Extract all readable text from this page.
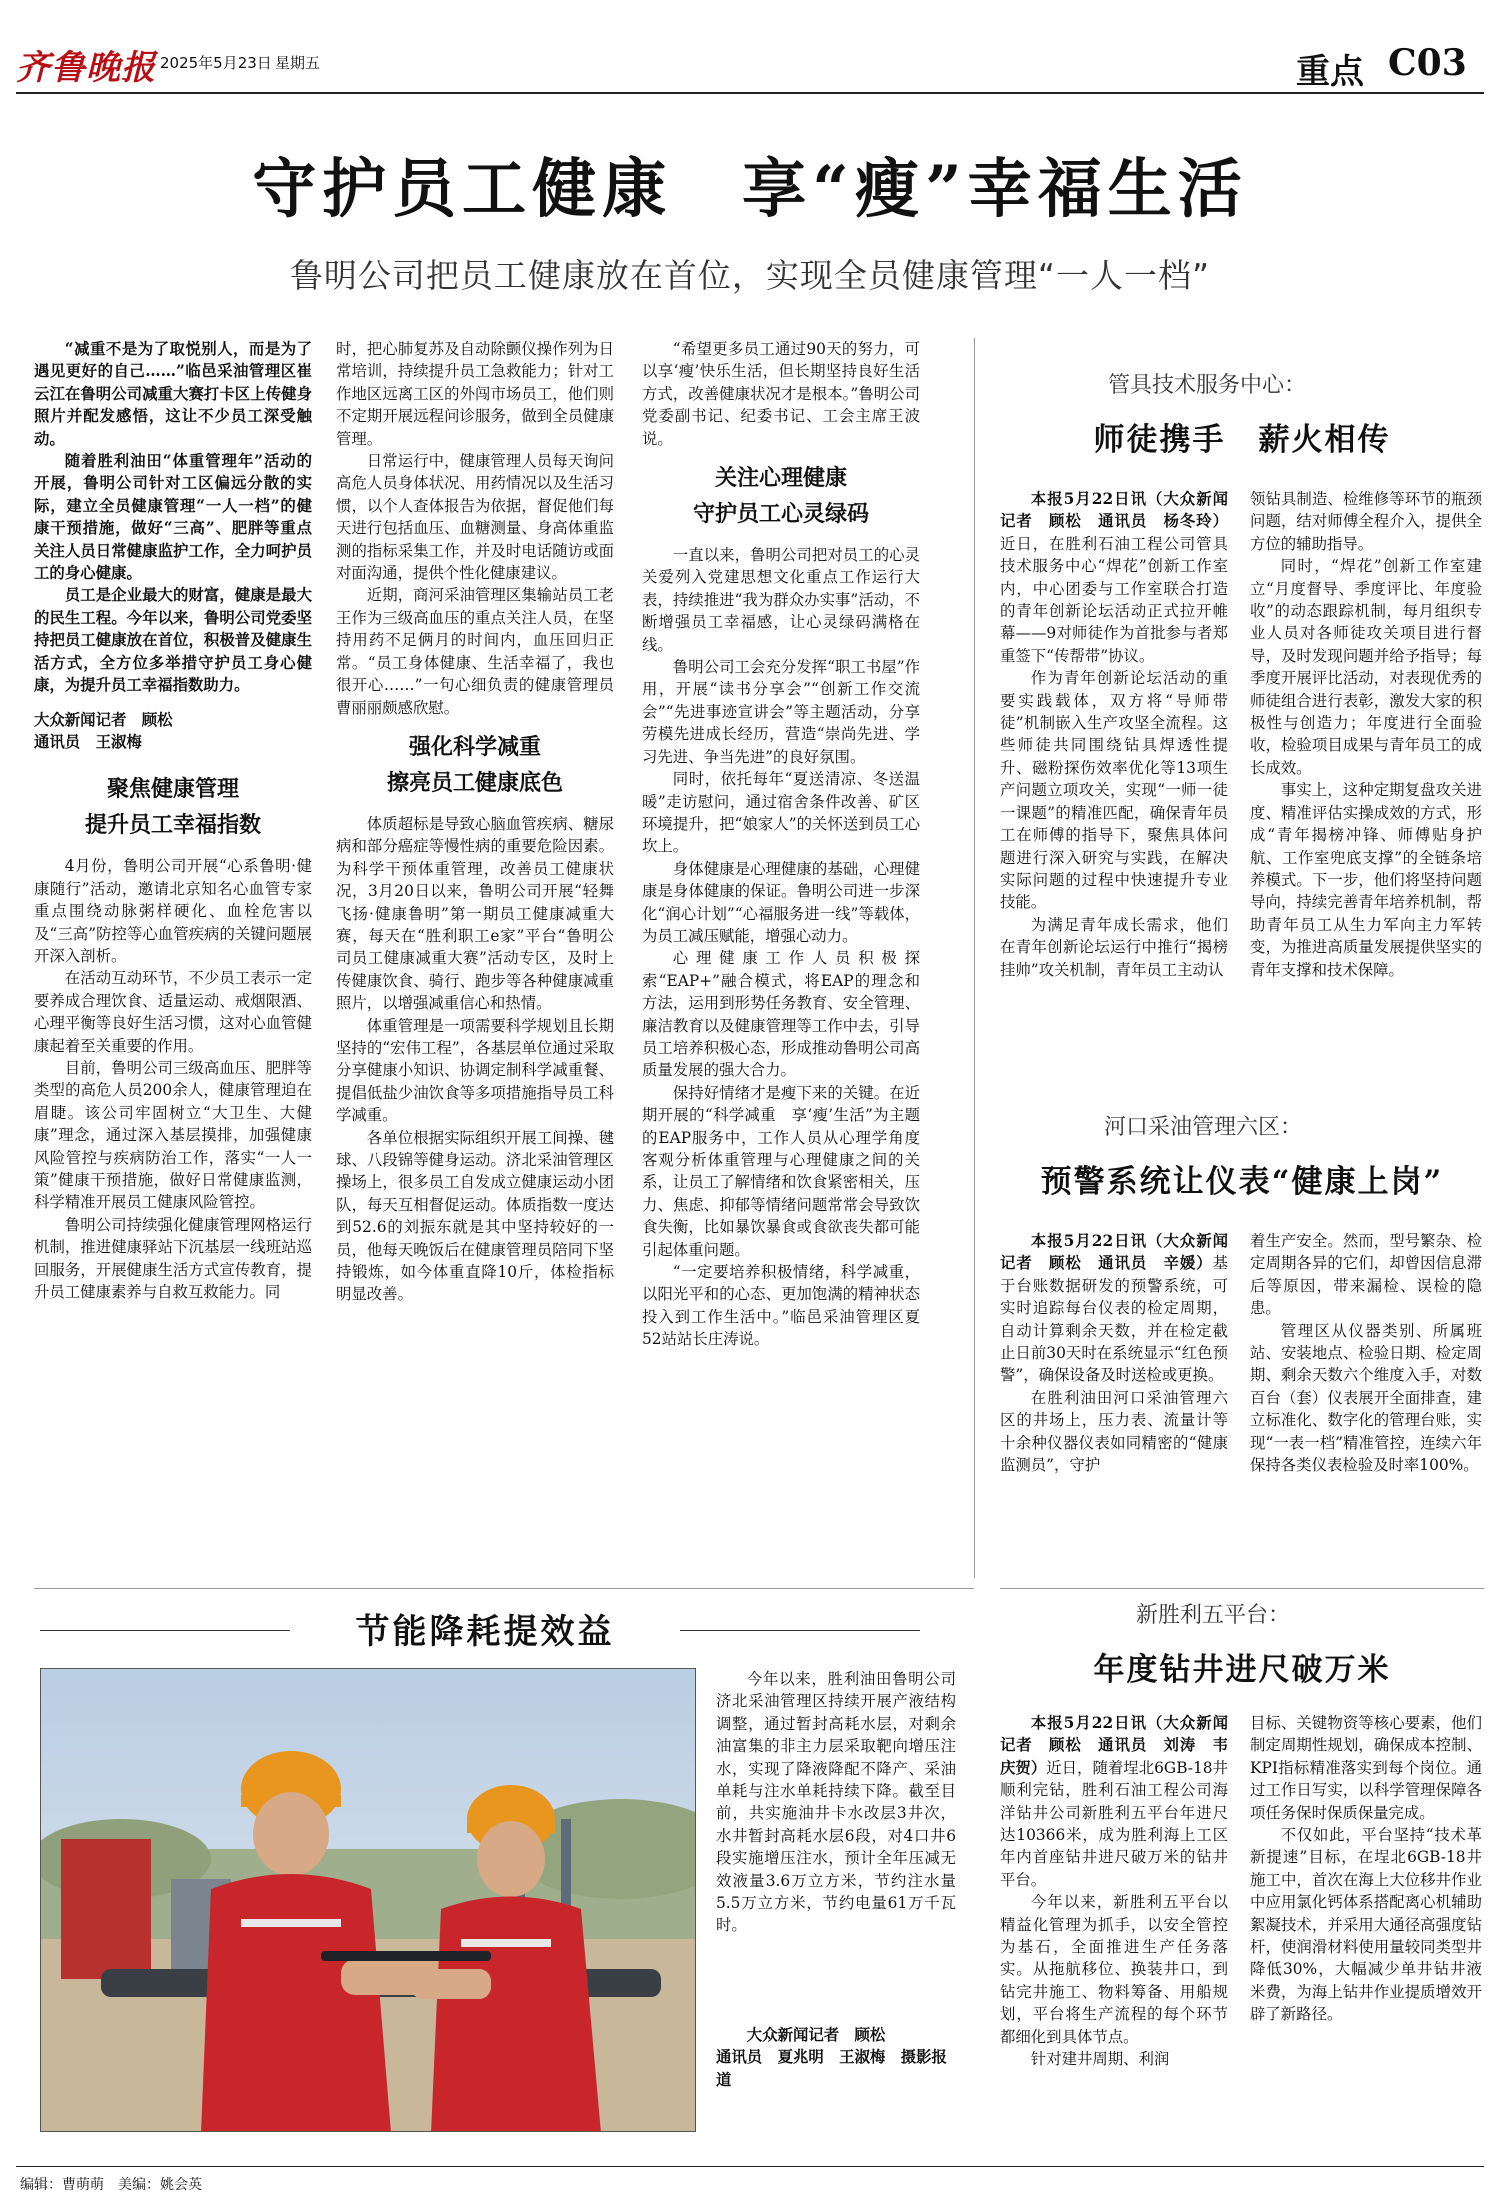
齐鲁晚报 2025年5月23日 星期五	重点 C03
守护员工健康　享“瘦”幸福生活
鲁明公司把员工健康放在首位，实现全员健康管理“一人一档”

“减重不是为了取悦别人，而是为了遇见更好的自己……”临邑采油管理区崔云江在鲁明公司减重大赛打卡区上传健身照片并配发感悟，这让不少员工深受触动。

随着胜利油田“体重管理年”活动的开展，鲁明公司针对工区偏远分散的实际，建立全员健康管理“一人一档”的健康干预措施，做好“三高”、肥胖等重点关注人员日常健康监护工作，全力呵护员工的身心健康。

员工是企业最大的财富，健康是最大的民生工程。今年以来，鲁明公司党委坚持把员工健康放在首位，积极普及健康生活方式，全方位多举措守护员工身心健康，为提升员工幸福指数助力。

大众新闻记者　顾松

通讯员　王淑梅

聚焦健康管理
提升员工幸福指数

4月份，鲁明公司开展“心系鲁明·健康随行”活动，邀请北京知名心血管专家重点围绕动脉粥样硬化、血栓危害以及“三高”防控等心血管疾病的关键问题展开深入剖析。

在活动互动环节，不少员工表示一定要养成合理饮食、适量运动、戒烟限酒、心理平衡等良好生活习惯，这对心血管健康起着至关重要的作用。

目前，鲁明公司三级高血压、肥胖等类型的高危人员200余人，健康管理迫在眉睫。该公司牢固树立“大卫生、大健康”理念，通过深入基层摸排，加强健康风险管控与疾病防治工作，落实“一人一策”健康干预措施，做好日常健康监测，科学精准开展员工健康风险管控。

鲁明公司持续强化健康管理网格运行机制，推进健康驿站下沉基层一线班站巡回服务，开展健康生活方式宣传教育，提升员工健康素养与自救互救能力。同

时，把心肺复苏及自动除颤仪操作列为日常培训，持续提升员工急救能力；针对工作地区远离工区的外闯市场员工，他们则不定期开展远程问诊服务，做到全员健康管理。

日常运行中，健康管理人员每天询问高危人员身体状况、用药情况以及生活习惯，以个人查体报告为依据，督促他们每天进行包括血压、血糖测量、身高体重监测的指标采集工作，并及时电话随访或面对面沟通，提供个性化健康建议。

近期，商河采油管理区集输站员工老王作为三级高血压的重点关注人员，在坚持用药不足俩月的时间内，血压回归正常。“员工身体健康、生活幸福了，我也很开心……”一句心细负责的健康管理员曹丽丽颇感欣慰。

强化科学减重
擦亮员工健康底色

体质超标是导致心脑血管疾病、糖尿病和部分癌症等慢性病的重要危险因素。为科学干预体重管理，改善员工健康状况，3月20日以来，鲁明公司开展“轻舞飞扬·健康鲁明”第一期员工健康减重大赛，每天在“胜利职工e家”平台“鲁明公司员工健康减重大赛”活动专区，及时上传健康饮食、骑行、跑步等各种健康减重照片，以增强减重信心和热情。

体重管理是一项需要科学规划且长期坚持的“宏伟工程”，各基层单位通过采取分享健康小知识、协调定制科学减重餐、提倡低盐少油饮食等多项措施指导员工科学减重。

各单位根据实际组织开展工间操、毽球、八段锦等健身运动。济北采油管理区操场上，很多员工自发成立健康运动小团队，每天互相督促运动。体质指数一度达到52.6的刘振东就是其中坚持较好的一员，他每天晚饭后在健康管理员陪同下坚持锻炼，如今体重直降10斤，体检指标明显改善。

“希望更多员工通过90天的努力，可以享‘瘦’快乐生活，但长期坚持良好生活方式，改善健康状况才是根本。”鲁明公司党委副书记、纪委书记、工会主席王波说。

关注心理健康
守护员工心灵绿码

一直以来，鲁明公司把对员工的心灵关爱列入党建思想文化重点工作运行大表，持续推进“我为群众办实事”活动，不断增强员工幸福感，让心灵绿码满格在线。

鲁明公司工会充分发挥“职工书屋”作用，开展“读书分享会”“创新工作交流会”“先进事迹宣讲会”等主题活动，分享劳模先进成长经历，营造“崇尚先进、学习先进、争当先进”的良好氛围。

同时，依托每年“夏送清凉、冬送温暖”走访慰问，通过宿舍条件改善、矿区环境提升，把“娘家人”的关怀送到员工心坎上。

身体健康是心理健康的基础，心理健康是身体健康的保证。鲁明公司进一步深化“润心计划”“心福服务进一线”等载体，为员工减压赋能，增强心动力。

心理健康工作人员积极探索“EAP+”融合模式，将EAP的理念和方法，运用到形势任务教育、安全管理、廉洁教育以及健康管理等工作中去，引导员工培养积极心态，形成推动鲁明公司高质量发展的强大合力。

保持好情绪才是瘦下来的关键。在近期开展的“科学减重　享‘瘦’生活”为主题的EAP服务中，工作人员从心理学角度客观分析体重管理与心理健康之间的关系，让员工了解情绪和饮食紧密相关，压力、焦虑、抑郁等情绪问题常常会导致饮食失衡，比如暴饮暴食或食欲丧失都可能引起体重问题。

“一定要培养积极情绪，科学减重，以阳光平和的心态、更加饱满的精神状态投入到工作生活中。”临邑采油管理区夏52站站长庄涛说。

管具技术服务中心：
师徒携手　薪火相传

本报5月22日讯（大众新闻记者　顾松　通讯员　杨冬玲）近日，在胜利石油工程公司管具技术服务中心“焊花”创新工作室内，中心团委与工作室联合打造的青年创新论坛活动正式拉开帷幕——9对师徒作为首批参与者郑重签下“传帮带”协议。

作为青年创新论坛活动的重要实践载体，双方将“导师带徒”机制嵌入生产攻坚全流程。这些师徒共同围绕钻具焊透性提升、磁粉探伤效率优化等13项生产问题立项攻关，实现“一师一徒一课题”的精准匹配，确保青年员工在师傅的指导下，聚焦具体问题进行深入研究与实践，在解决实际问题的过程中快速提升专业技能。

为满足青年成长需求，他们在青年创新论坛运行中推行“揭榜挂帅”攻关机制，青年员工主动认

领钻具制造、检维修等环节的瓶颈问题，结对师傅全程介入，提供全方位的辅助指导。

同时，“焊花”创新工作室建立“月度督导、季度评比、年度验收”的动态跟踪机制，每月组织专业人员对各师徒攻关项目进行督导，及时发现问题并给予指导；每季度开展评比活动，对表现优秀的师徒组合进行表彰，激发大家的积极性与创造力；年度进行全面验收，检验项目成果与青年员工的成长成效。

事实上，这种定期复盘攻关进度、精准评估实操成效的方式，形成“青年揭榜冲锋、师傅贴身护航、工作室兜底支撑”的全链条培养模式。下一步，他们将坚持问题导向，持续完善青年培养机制，帮助青年员工从生力军向主力军转变，为推进高质量发展提供坚实的青年支撑和技术保障。

河口采油管理六区：
预警系统让仪表“健康上岗”

本报5月22日讯（大众新闻记者　顾松　通讯员　辛媛）基于台账数据研发的预警系统，可实时追踪每台仪表的检定周期，自动计算剩余天数，并在检定截止日前30天时在系统显示“红色预警”，确保设备及时送检或更换。

在胜利油田河口采油管理六区的井场上，压力表、流量计等十余种仪器仪表如同精密的“健康监测员”，守护

着生产安全。然而，型号繁杂、检定周期各异的它们，却曾因信息滞后等原因，带来漏检、误检的隐患。

管理区从仪器类别、所属班站、安装地点、检验日期、检定周期、剩余天数六个维度入手，对数百台（套）仪表展开全面排查，建立标准化、数字化的管理台账，实现“一表一档”精准管控，连续六年保持各类仪表检验及时率100%。

新胜利五平台：
年度钻井进尺破万米

本报5月22日讯（大众新闻记者　顾松　通讯员　刘涛　韦庆贺）近日，随着埕北6GB-18井顺利完钻，胜利石油工程公司海洋钻井公司新胜利五平台年进尺达10366米，成为胜利海上工区年内首座钻井进尺破万米的钻井平台。

今年以来，新胜利五平台以精益化管理为抓手，以安全管控为基石，全面推进生产任务落实。从拖航移位、换装井口，到钻完井施工、物料筹备、用船规划，平台将生产流程的每个环节都细化到具体节点。

针对建井周期、利润

目标、关键物资等核心要素，他们制定周期性规划，确保成本控制、KPI指标精准落实到每个岗位。通过工作日写实，以科学管理保障各项任务保时保质保量完成。

不仅如此，平台坚持“技术革新提速”目标，在埕北6GB-18井施工中，首次在海上大位移井作业中应用氯化钙体系搭配离心机辅助絮凝技术，并采用大通径高强度钻杆，使润滑材料使用量较同类型井降低30%，大幅减少单井钻井液米费，为海上钻井作业提质增效开辟了新路径。

节能降耗提效益

今年以来，胜利油田鲁明公司济北采油管理区持续开展产液结构调整，通过暂封高耗水层，对剩余油富集的非主力层采取靶向增压注水，实现了降液降配不降产、采油单耗与注水单耗持续下降。截至目前，共实施油井卡水改层3井次，水井暂封高耗水层6段，对4口井6段实施增压注水，预计全年压减无效液量3.6万立方米，节约注水量5.5万立方米，节约电量61万千瓦时。

大众新闻记者　顾松
通讯员　夏兆明　王淑梅　摄影报道
编辑：曹萌萌　美编：姚会英
